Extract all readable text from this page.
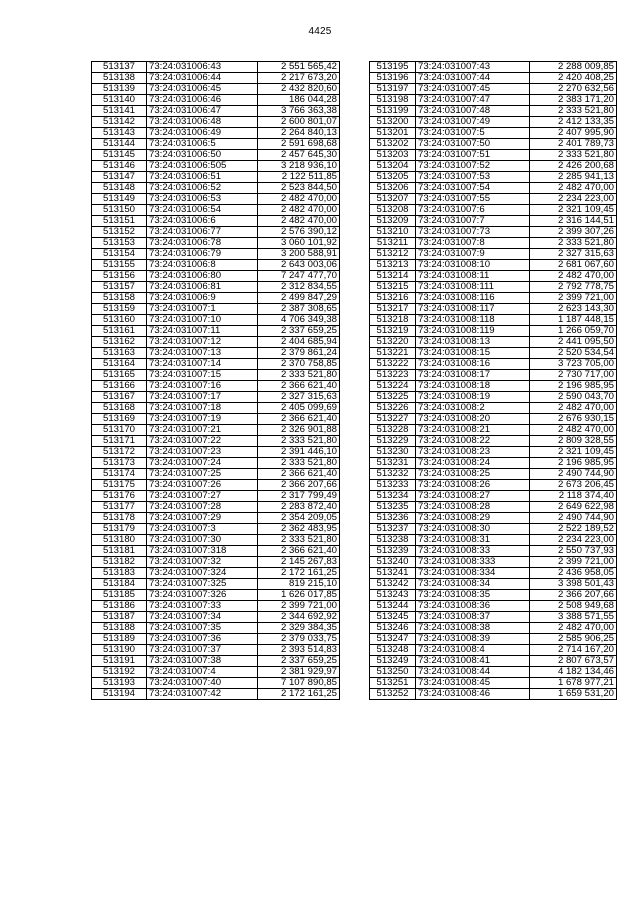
4425
513137	73:24:031006:43	2 551 565,42
513138	73:24:031006:44	2 217 673,20
513139	73:24:031006:45	2 432 820,60
513140	73:24:031006:46	186 044,28
513141	73:24:031006:47	3 766 363,38
513142	73:24:031006:48	2 600 801,07
513143	73:24:031006:49	2 264 840,13
513144	73:24:031006:5	2 591 698,68
513145	73:24:031006:50	2 457 645,30
513146	73:24:031006:505	3 218 936,10
513147	73:24:031006:51	2 122 511,85
513148	73:24:031006:52	2 523 844,50
513149	73:24:031006:53	2 482 470,00
513150	73:24:031006:54	2 482 470,00
513151	73:24:031006:6	2 482 470,00
513152	73:24:031006:77	2 576 390,12
513153	73:24:031006:78	3 060 101,92
513154	73:24:031006:79	3 200 588,91
513155	73:24:031006:8	2 643 003,06
513156	73:24:031006:80	7 247 477,70
513157	73:24:031006:81	2 312 834,55
513158	73:24:031006:9	2 499 847,29
513159	73:24:031007:1	2 387 308,65
513160	73:24:031007:10	4 706 349,38
513161	73:24:031007:11	2 337 659,25
513162	73:24:031007:12	2 404 685,94
513163	73:24:031007:13	2 379 861,24
513164	73:24:031007:14	2 370 758,85
513165	73:24:031007:15	2 333 521,80
513166	73:24:031007:16	2 366 621,40
513167	73:24:031007:17	2 327 315,63
513168	73:24:031007:18	2 405 099,69
513169	73:24:031007:19	2 366 621,40
513170	73:24:031007:21	2 326 901,88
513171	73:24:031007:22	2 333 521,80
513172	73:24:031007:23	2 391 446,10
513173	73:24:031007:24	2 333 521,80
513174	73:24:031007:25	2 366 621,40
513175	73:24:031007:26	2 366 207,66
513176	73:24:031007:27	2 317 799,49
513177	73:24:031007:28	2 283 872,40
513178	73:24:031007:29	2 354 209,05
513179	73:24:031007:3	2 362 483,95
513180	73:24:031007:30	2 333 521,80
513181	73:24:031007:318	2 366 621,40
513182	73:24:031007:32	2 145 267,83
513183	73:24:031007:324	2 172 161,25
513184	73:24:031007:325	819 215,10
513185	73:24:031007:326	1 626 017,85
513186	73:24:031007:33	2 399 721,00
513187	73:24:031007:34	2 344 692,92
513188	73:24:031007:35	2 329 384,35
513189	73:24:031007:36	2 379 033,75
513190	73:24:031007:37	2 393 514,83
513191	73:24:031007:38	2 337 659,25
513192	73:24:031007:4	2 381 929,97
513193	73:24:031007:40	7 107 890,85
513194	73:24:031007:42	2 172 161,25
513195	73:24:031007:43	2 288 009,85
513196	73:24:031007:44	2 420 408,25
513197	73:24:031007:45	2 270 632,56
513198	73:24:031007:47	2 383 171,20
513199	73:24:031007:48	2 333 521,80
513200	73:24:031007:49	2 412 133,35
513201	73:24:031007:5	2 407 995,90
513202	73:24:031007:50	2 401 789,73
513203	73:24:031007:51	2 333 521,80
513204	73:24:031007:52	2 426 200,68
513205	73:24:031007:53	2 285 941,13
513206	73:24:031007:54	2 482 470,00
513207	73:24:031007:55	2 234 223,00
513208	73:24:031007:6	2 321 109,45
513209	73:24:031007:7	2 316 144,51
513210	73:24:031007:73	2 399 307,26
513211	73:24:031007:8	2 333 521,80
513212	73:24:031007:9	2 327 315,63
513213	73:24:031008:10	2 681 067,60
513214	73:24:031008:11	2 482 470,00
513215	73:24:031008:111	2 792 778,75
513216	73:24:031008:116	2 399 721,00
513217	73:24:031008:117	2 623 143,30
513218	73:24:031008:118	1 187 448,15
513219	73:24:031008:119	1 266 059,70
513220	73:24:031008:13	2 441 095,50
513221	73:24:031008:15	2 520 534,54
513222	73:24:031008:16	3 723 705,00
513223	73:24:031008:17	2 730 717,00
513224	73:24:031008:18	2 196 985,95
513225	73:24:031008:19	2 590 043,70
513226	73:24:031008:2	2 482 470,00
513227	73:24:031008:20	2 676 930,15
513228	73:24:031008:21	2 482 470,00
513229	73:24:031008:22	2 809 328,55
513230	73:24:031008:23	2 321 109,45
513231	73:24:031008:24	2 196 985,95
513232	73:24:031008:25	2 490 744,90
513233	73:24:031008:26	2 673 206,45
513234	73:24:031008:27	2 118 374,40
513235	73:24:031008:28	2 649 622,98
513236	73:24:031008:29	2 490 744,90
513237	73:24:031008:30	2 522 189,52
513238	73:24:031008:31	2 234 223,00
513239	73:24:031008:33	2 550 737,93
513240	73:24:031008:333	2 399 721,00
513241	73:24:031008:334	2 436 958,05
513242	73:24:031008:34	3 398 501,43
513243	73:24:031008:35	2 366 207,66
513244	73:24:031008:36	2 508 949,68
513245	73:24:031008:37	3 388 571,55
513246	73:24:031008:38	2 482 470,00
513247	73:24:031008:39	2 585 906,25
513248	73:24:031008:4	2 714 167,20
513249	73:24:031008:41	2 807 673,57
513250	73:24:031008:44	4 182 134,46
513251	73:24:031008:45	1 678 977,21
513252	73:24:031008:46	1 659 531,20
